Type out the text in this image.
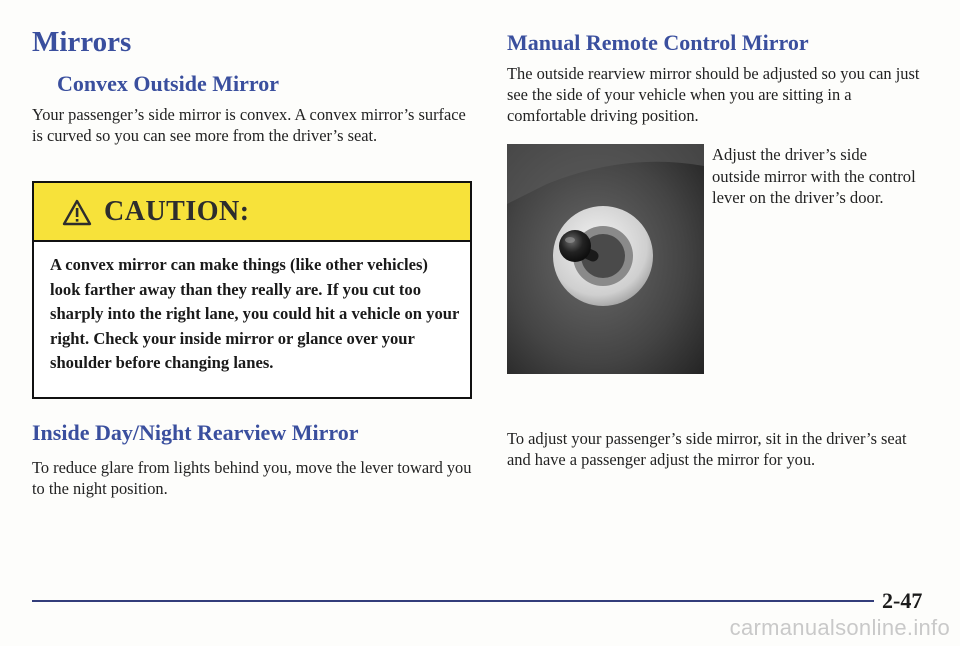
Mirrors
Convex Outside Mirror

Your passenger’s side mirror is convex. A convex mirror’s surface is curved so you can see more from the driver’s seat.

CAUTION:

A convex mirror can make things (like other vehicles) look farther away than they really are. If you cut too sharply into the right lane, you could hit a vehicle on your right. Check your inside mirror or glance over your shoulder before changing lanes.

Inside Day/Night Rearview Mirror

To reduce glare from lights behind you, move the lever toward you to the night position.

Manual Remote Control Mirror

The outside rearview mirror should be adjusted so you can just see the side of your vehicle when you are sitting in a comfortable driving position.

Adjust the driver’s side outside mirror with the control lever on the driver’s door.

To adjust your passenger’s side mirror, sit in the driver’s seat and have a passenger adjust the mirror for you.

2-47
carmanualsonline.info
